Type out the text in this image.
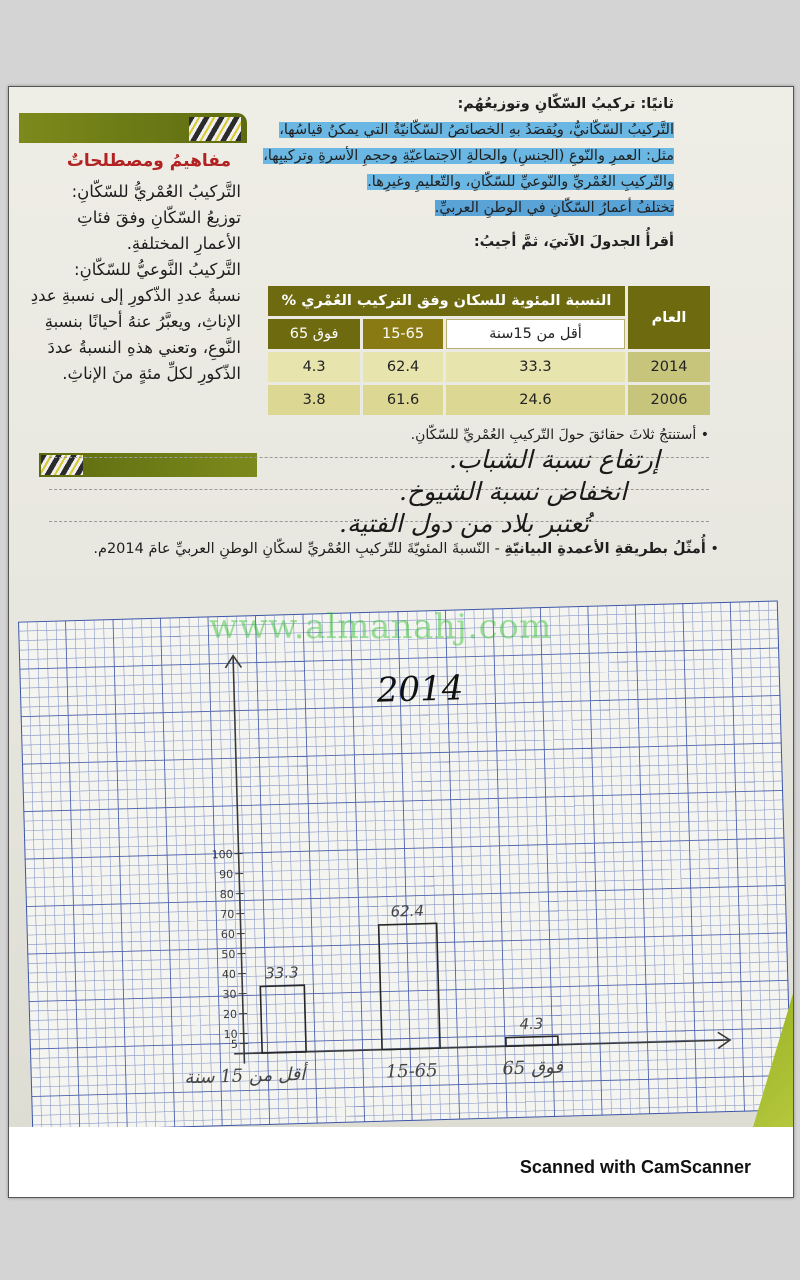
مفاهيمُ ومصطلحاتٌ
التَّركيبُ العُمْريُّ للسّكّانِ:
توزيعُ السّكّانِ وفقَ فئاتِ الأعمارِ المختلفةِ.
التَّركيبُ النَّوعيُّ للسّكّانِ:
نسبةُ عددِ الذّكورِ إلى نسبةِ عددِ الإناثِ، ويعبَّرُ عنهُ أحيانًا بنسبةِ النَّوعِ، وتعني هذهِ النسبةُ عددَ الذّكورِ لكلِّ مئةٍ منَ الإناثِ.
ثانيًا: تركيبُ السّكّانِ وتوزيعُهُم:
التَّركيبُ السّكّانيُّ، ويُقصَدُ بهِ الخصائصُ السّكّانيّةُ التي يمكنُ قياسُها، مثل: العمرِ والنّوعِ (الجنسِ) والحالةِ الاجتماعيّةِ وحجمِ الأسرةِ وتركيبِها، والتّركيبِ العُمْريِّ والنّوعيِّ للسّكّانِ، والتّعليمِ وغيرِها.
تختلفُ أعمارُ السّكّانِ في الوطنِ العربيِّ.
أقرأُ الجدولَ الآتيَ، ثمَّ أجيبُ:
العام	النسبة المئوية للسكان وفق التركيب العُمْري %		
	أقل من 15سنة	15-65	فوق 65
2014	33.3	62.4	4.3
2006	24.6	61.6	3.8
• أستنتجُ ثلاثَ حقائقَ حولَ التّركيبِ العُمْريِّ للسّكّانِ.
إرتفاع نسبة الشباب.
انخفاض نسبة الشيوخ.
تُعتبر بلاد من دول الفتية.
• أُمثّلُ بطريقةِ الأعمدةِ البيانيّةِ - النّسبةَ المئويّةَ للتّركيبِ العُمْريِّ لسكّانِ الوطنِ العربيِّ عامَ 2014م.
5
10
20
30
40
50
60
70
80
90
100
33.3
أقل من 15 سنة
62.4
15-65
4.3
فوق 65
2014
www.almanahj.com
Scanned with CamScanner
